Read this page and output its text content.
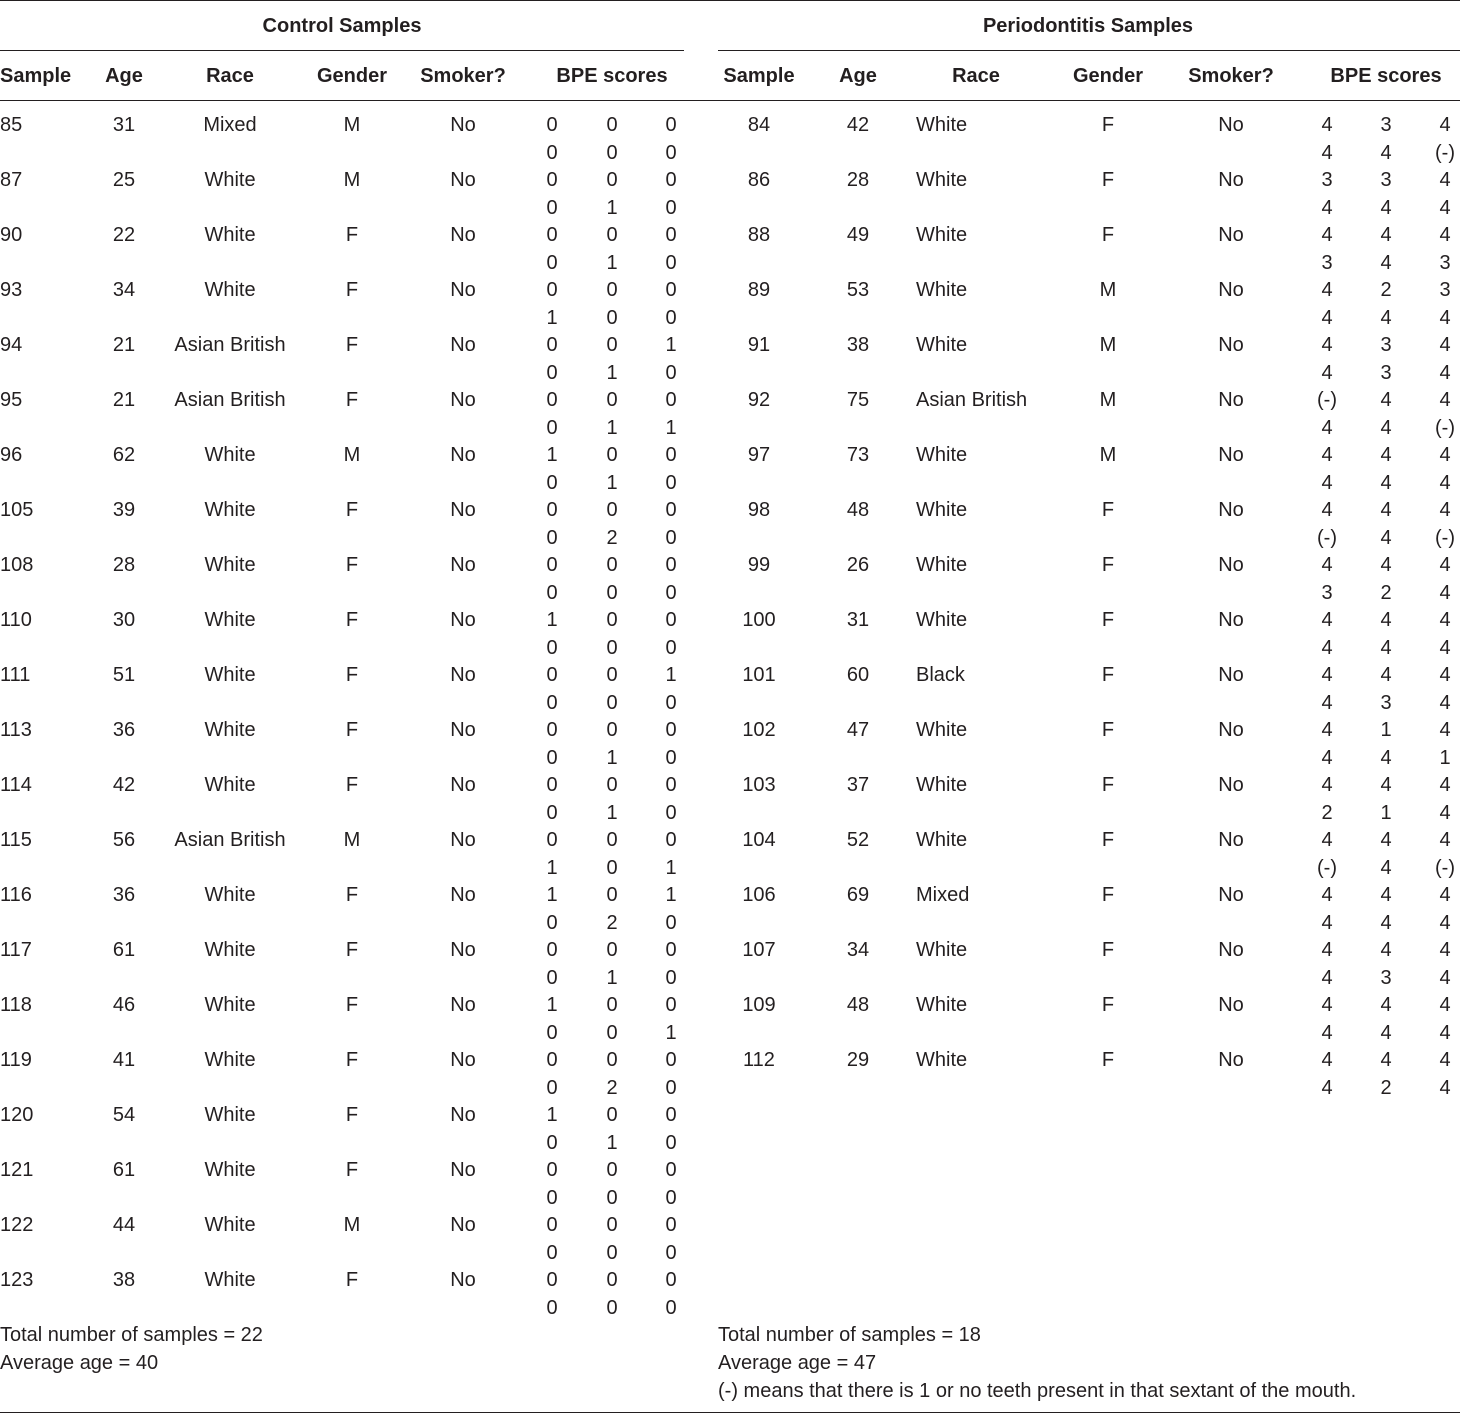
Control Samples
Sample	Age	Race	Gender	Smoker?	BPE scores
85	31	Mixed	M	No	0	0	0
0	0	0
87	25	White	M	No	0	0	0
0	1	0
90	22	White	F	No	0	0	0
0	1	0
93	34	White	F	No	0	0	0
1	0	0
94	21	Asian British	F	No	0	0	1
0	1	0
95	21	Asian British	F	No	0	0	0
0	1	1
96	62	White	M	No	1	0	0
0	1	0
105	39	White	F	No	0	0	0
0	2	0
108	28	White	F	No	0	0	0
0	0	0
110	30	White	F	No	1	0	0
0	0	0
111	51	White	F	No	0	0	1
0	0	0
113	36	White	F	No	0	0	0
0	1	0
114	42	White	F	No	0	0	0
0	1	0
115	56	Asian British	M	No	0	0	0
1	0	1
116	36	White	F	No	1	0	1
0	2	0
117	61	White	F	No	0	0	0
0	1	0
118	46	White	F	No	1	0	0
0	0	1
119	41	White	F	No	0	0	0
0	2	0
120	54	White	F	No	1	0	0
0	1	0
121	61	White	F	No	0	0	0
0	0	0
122	44	White	M	No	0	0	0
0	0	0
123	38	White	F	No	0	0	0
0	0	0
Total number of samples = 22
Average age = 40
Periodontitis Samples
Sample	Age	Race	Gender	Smoker?	BPE scores
84	42	White	F	No	4	3	4
4	4	(-)
86	28	White	F	No	3	3	4
4	4	4
88	49	White	F	No	4	4	4
3	4	3
89	53	White	M	No	4	2	3
4	4	4
91	38	White	M	No	4	3	4
4	3	4
92	75	Asian British	M	No	(-)	4	4
4	4	(-)
97	73	White	M	No	4	4	4
4	4	4
98	48	White	F	No	4	4	4
(-)	4	(-)
99	26	White	F	No	4	4	4
3	2	4
100	31	White	F	No	4	4	4
4	4	4
101	60	Black	F	No	4	4	4
4	3	4
102	47	White	F	No	4	1	4
4	4	1
103	37	White	F	No	4	4	4
2	1	4
104	52	White	F	No	4	4	4
(-)	4	(-)
106	69	Mixed	F	No	4	4	4
4	4	4
107	34	White	F	No	4	4	4
4	3	4
109	48	White	F	No	4	4	4
4	4	4
112	29	White	F	No	4	4	4
4	2	4
Total number of samples = 18
Average age = 47
(-) means that there is 1 or no teeth present in that sextant of the mouth.
